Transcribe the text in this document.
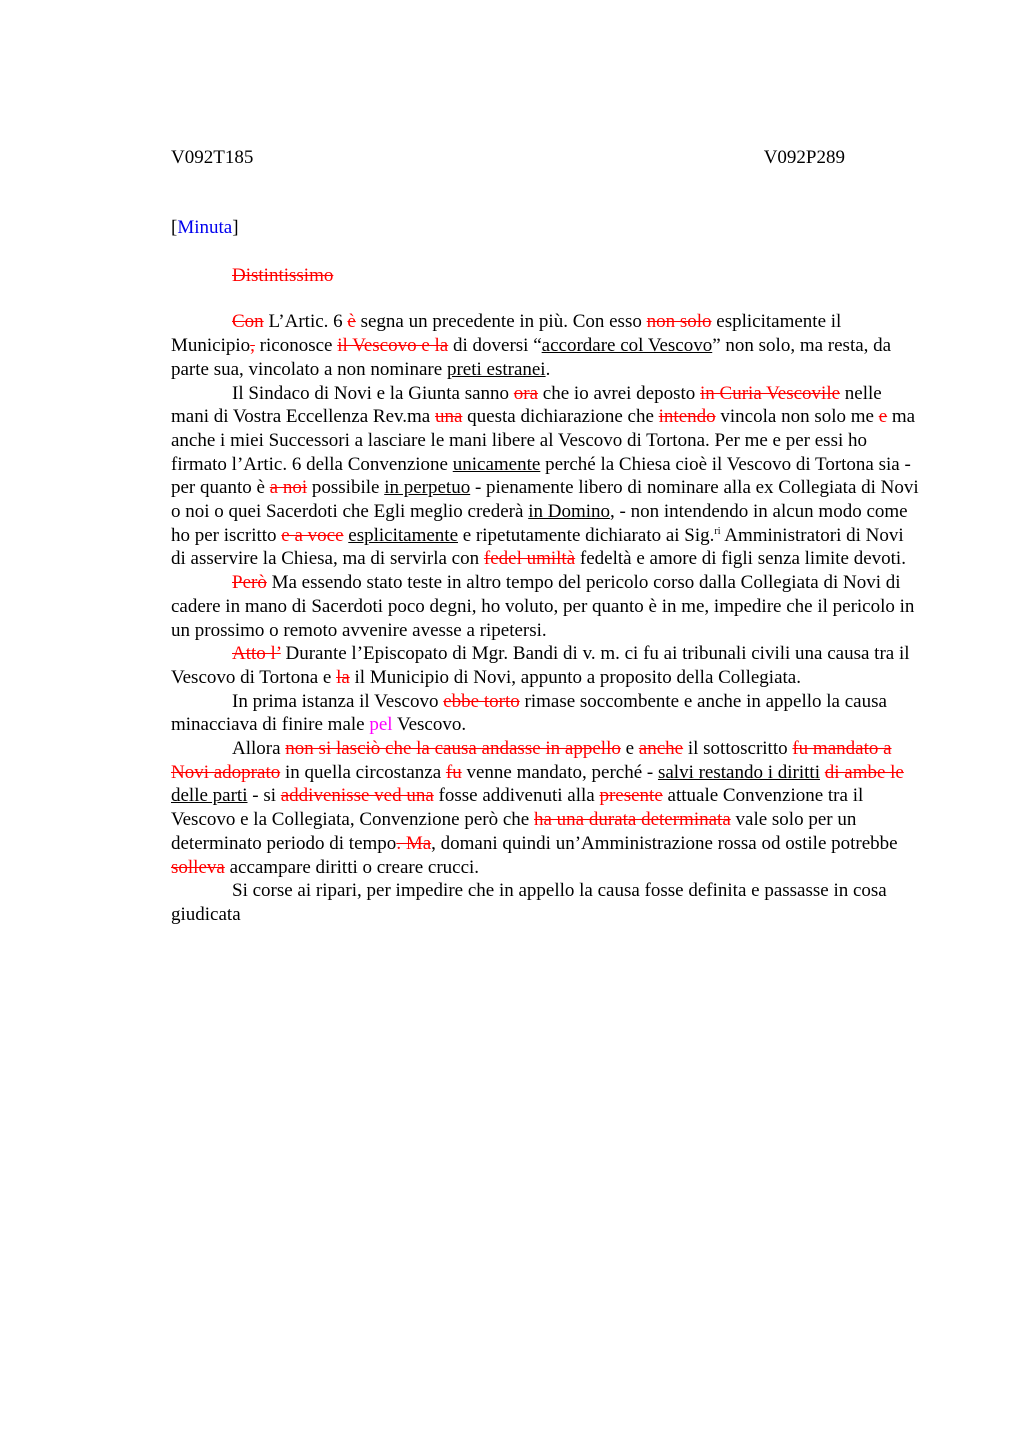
V092T185	V092P289

[Minuta]

Distintissimo

Con L’Artic. 6 è segna un precedente in più. Con esso non solo esplicitamente il Municipio, riconosce il Vescovo e la di doversi “accordare col Vescovo” non solo, ma resta, da parte sua, vincolato a non nominare preti estranei.

Il Sindaco di Novi e la Giunta sanno ora che io avrei deposto in Curia Vescovile nelle mani di Vostra Eccellenza Rev.ma una questa dichiarazione che intendo vincola non solo me e ma anche i miei Successori a lasciare le mani libere al Vescovo di Tortona. Per me e per essi ho firmato l’Artic. 6 della Convenzione unicamente perché la Chiesa cioè il Vescovo di Tortona sia - per quanto è a noi possibile in perpetuo - pienamente libero di nominare alla ex Collegiata di Novi o noi o quei Sacerdoti che Egli meglio crederà in Domino, - non intendendo in alcun modo come ho per iscritto e a voce esplicitamente e ripetutamente dichiarato ai Sig.$^{ri}$ Amministratori di Novi di asservire la Chiesa, ma di servirla con fedel umiltà fedeltà e amore di figli senza limite devoti.

Però Ma essendo stato teste in altro tempo del pericolo corso dalla Collegiata di Novi di cadere in mano di Sacerdoti poco degni, ho voluto, per quanto è in me, impedire che il pericolo in un prossimo o remoto avvenire avesse a ripetersi.

Atto l’ Durante l’Episcopato di Mgr. Bandi di v. m. ci fu ai tribunali civili una causa tra il Vescovo di Tortona e la il Municipio di Novi, appunto a proposito della Collegiata.

In prima istanza il Vescovo ebbe torto rimase soccombente e anche in appello la causa minacciava di finire male pel Vescovo.

Allora non si lasciò che la causa andasse in appello e anche il sottoscritto fu mandato a Novi adoprato in quella circostanza fu venne mandato, perché - salvi restando i diritti di ambe le delle parti - si addivenisse ved una fosse addivenuti alla presente attuale Convenzione tra il Vescovo e la Collegiata, Convenzione però che ha una durata determinata vale solo per un determinato periodo di tempo. Ma, domani quindi un’Amministrazione rossa od ostile potrebbe solleva accampare diritti o creare crucci.

Si corse ai ripari, per impedire che in appello la causa fosse definita e passasse in cosa giudicata
